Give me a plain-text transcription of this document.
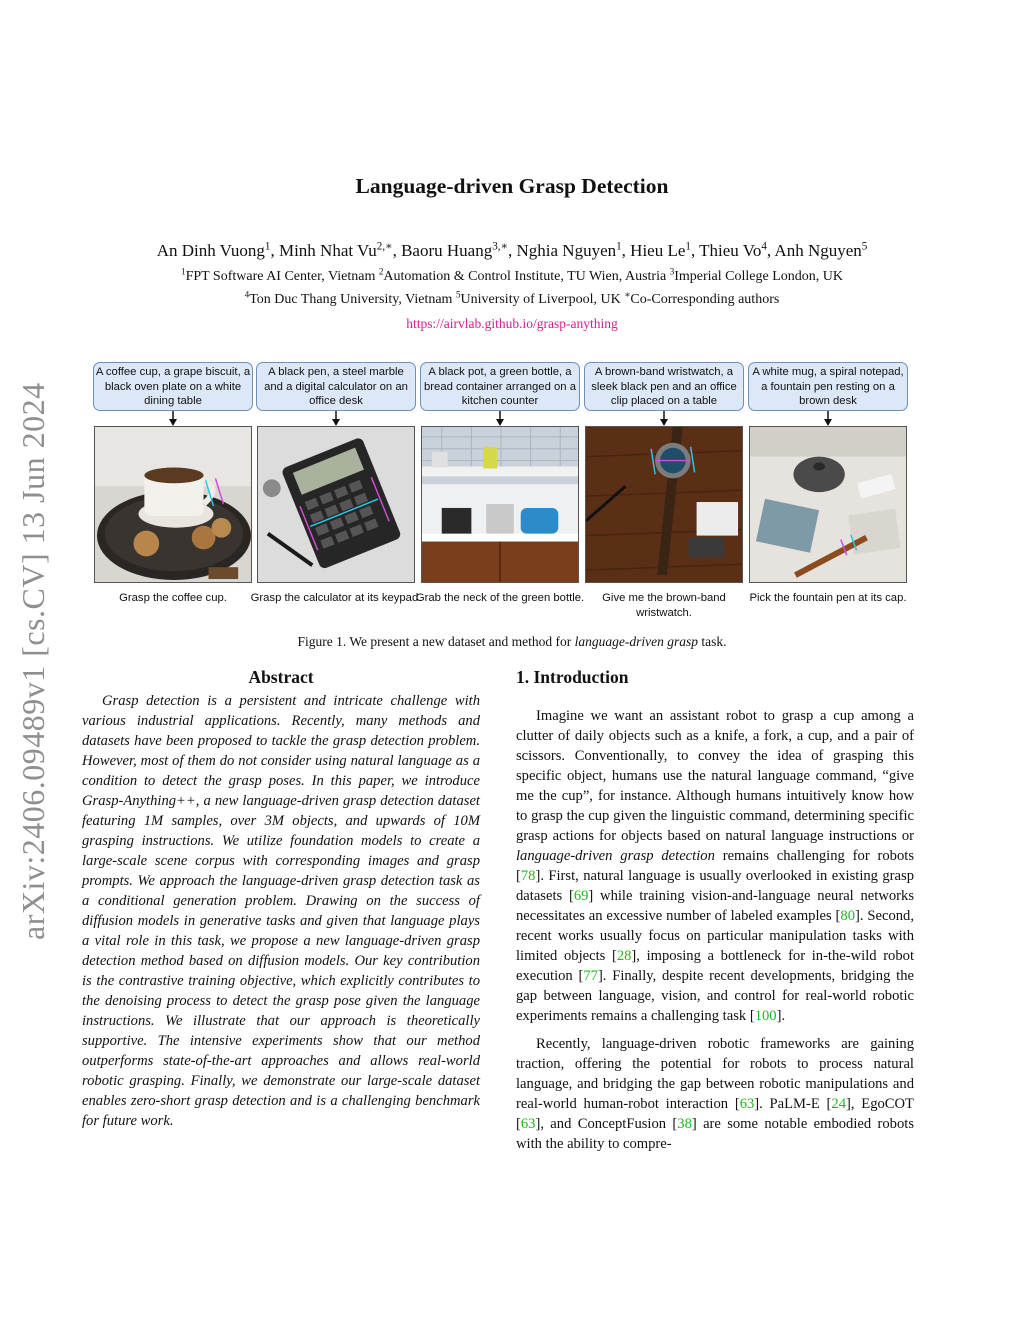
arXiv:2406.09489v1 [cs.CV] 13 Jun 2024
Language-driven Grasp Detection
An Dinh Vuong$^1$, Minh Nhat $Vu^{2,∗}$, Baoru Huang$^{3,∗}$, Nghia Nguyen$^1$, Hieu Le$^1$, Thieu Vo$^4$, Anh Nguyen$^5$
$^1$FPT Software AI Center, Vietnam $^2$Automation & Control Institute, TU Wien, Austria $^3$Imperial College London, UK
$^4$Ton Duc Thang University, Vietnam $^5$University of Liverpool, UK ∗Co-Corresponding authors
https://airvlab.github.io/grasp-anything
A coffee cup, a grape biscuit, a black oven plate on a white dining table
Grasp the coffee cup.
A black pen, a steel marble and a digital calculator on an office desk
Grasp the calculator at its keypad.
A black pot, a green bottle, a bread container arranged on a kitchen counter
Grab the neck of the green bottle.
A brown-band wristwatch, a sleek black pen and an office clip placed on a table
Give me the brown-band wristwatch.
A white mug, a spiral notepad, a fountain pen resting on a brown desk
Pick the fountain pen at its cap.
Figure 1. We present a new dataset and method for language-driven grasp task.
Abstract
Grasp detection is a persistent and intricate challenge with various industrial applications. Recently, many methods and datasets have been proposed to tackle the grasp detection problem. However, most of them do not consider using natural language as a condition to detect the grasp poses. In this paper, we introduce Grasp-Anything++, a new language-driven grasp detection dataset featuring 1M samples, over 3M objects, and upwards of 10M grasping instructions. We utilize foundation models to create a large-scale scene corpus with corresponding images and grasp prompts. We approach the language-driven grasp detection task as a conditional generation problem. Drawing on the success of diffusion models in generative tasks and given that language plays a vital role in this task, we propose a new language-driven grasp detection method based on diffusion models. Our key contribution is the contrastive training objective, which explicitly contributes to the denoising process to detect the grasp pose given the language instructions. We illustrate that our approach is theoretically supportive. The intensive experiments show that our method outperforms state-of-the-art approaches and allows real-world robotic grasping. Finally, we demonstrate our large-scale dataset enables zero-short grasp detection and is a challenging benchmark for future work.
1. Introduction

Imagine we want an assistant robot to grasp a cup among a clutter of daily objects such as a knife, a fork, a cup, and a pair of scissors. Conventionally, to convey the idea of grasping this specific object, humans use the natural language command, “give me the cup”, for instance. Although humans intuitively know how to grasp the cup given the linguistic command, determining specific grasp actions for objects based on natural language instructions or language-driven grasp detection remains challenging for robots [78]. First, natural language is usually overlooked in existing grasp datasets [69] while training vision-and-language neural networks necessitates an excessive number of labeled examples [80]. Second, recent works usually focus on particular manipulation tasks with limited objects [28], imposing a bottleneck for in-the-wild robot execution [77]. Finally, despite recent developments, bridging the gap between language, vision, and control for real-world robotic experiments remains a challenging task [100].

Recently, language-driven robotic frameworks are gaining traction, offering the potential for robots to process natural language, and bridging the gap between robotic manipulations and real-world human-robot interaction [63]. PaLM-E [24], EgoCOT [63], and ConceptFusion [38] are some notable embodied robots with the ability to compre-
